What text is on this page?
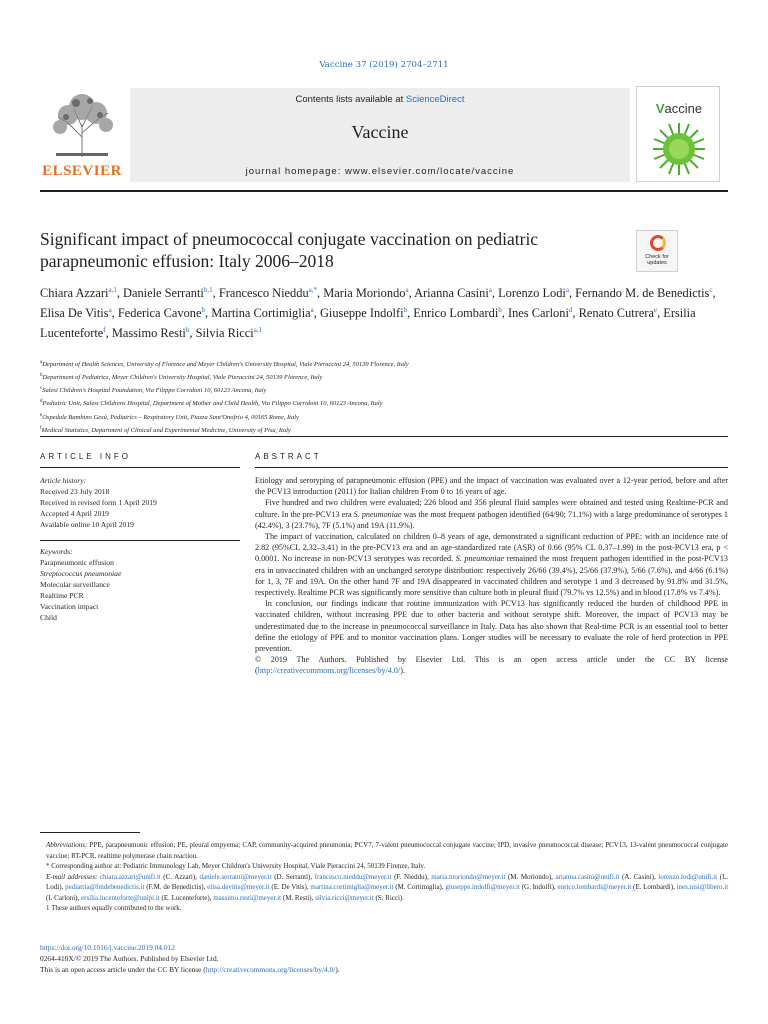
Vaccine 37 (2019) 2704–2711
ELSEVIER
Contents lists available at ScienceDirect
Vaccine
journal homepage: www.elsevier.com/locate/vaccine
Vaccine
Significant impact of pneumococcal conjugate vaccination on pediatric parapneumonic effusion: Italy 2006–2018	Check for
updates
Chiara Azzari$^{a,1}$, Daniele Serranti$^{b,1}$, Francesco Nieddu$^{a,*}$, Maria Moriondo$^a$, Arianna Casini$^a$, Lorenzo Lodi$^a$, Fernando M. de Benedictis$^c$, Elisa De Vitis$^a$, Federica Cavone$^b$, Martina Cortimiglia$^a$, Giuseppe Indolfi$^b$, Enrico Lombardi$^b$, Ines Carloni$^d$, Renato Cutrera$^e$, Ersilia Lucenteforte$^f$, Massimo Resti$^b$, Silvia Ricci$^{a,1}$
$^a$Department of Health Sciences, University of Florence and Meyer Children's University Hospital, Viale Pieraccini 24, 50139 Florence, Italy
$^b$Department of Pediatrics, Meyer Children's University Hospital, Viale Pieraccini 24, 50139 Florence, Italy
$^c$Salesi Children's Hospital Foundation, Via Filippo Corridoni 10, 60123 Ancona, Italy
$^d$Pediatric Unit, Salesi Childrens Hospital, Department of Mother and Child Health, Via Filippo Corridoni 10, 60123 Ancona, Italy
$^e$Ospedale Bambino Gesù, Pediatrics – Respiratory Unit, Piazza Sant'Onofrio 4, 00165 Rome, Italy
$^f$Medical Statistics, Department of Clinical and Experimental Medicine, University of Pisa, Italy
ARTICLE INFO	ABSTRACT
Article history:
Received 23 July 2018
Received in revised form 1 April 2019
Accepted 4 April 2019
Available online 10 April 2019
Keywords:
Parapneumonic effusion
Streptococcus pneumoniae
Molecular surveillance
Realtime PCR
Vaccination impact
Child

Etiology and serotyping of parapneumonic effusion (PPE) and the impact of vaccination was evaluated over a 12-year period, before and after the PCV13 introduction (2011) for Italian children From 0 to 16 years of age.

Five hundred and two children were evaluated; 226 blood and 356 pleural fluid samples were obtained and tested using Realtime-PCR and culture. In the pre-PCV13 era S. pneumoniae was the most frequent pathogen identified (64/90; 71.1%) with a large predominance of serotypes 1 (42.4%), 3 (23.7%), 7F (5.1%) and 19A (11.9%).

The impact of vaccination, calculated on children 0–8 years of age, demonstrated a significant reduction of PPE: with an incidence rate of 2.82 (95%CL 2.32–3.41) in the pre-PCV13 era and an age-standardized rate (ASR) of 0.66 (95% CL 0.37–1.99) in the post-PCV13 era, p < 0.0001. No increase in non-PCV13 serotypes was recorded. S. pneumoniae remained the most frequent pathogen identified in the post-PCV13 era in unvaccinated children with an unchanged serotype distribution: respectively 26/66 (39.4%), 25/66 (37.9%), 5/66 (7.6%), and 4/66 (6.1%) for 1, 3, 7F and 19A. On the other hand 7F and 19A disappeared in vaccinated children and serotype 1 and 3 decreased by 91.8% and 31.5%, respectively. Realtime PCR was significantly more sensitive than culture both in pleural fluid (79.7% vs 12.5%) and in blood (17.8% vs 7.4%).

In conclusion, our findings indicate that routine immunization with PCV13 has significantly reduced the burden of childhood PPE in vaccinated children, without increasing PPE due to other bacteria and without serotype shift. Moreover, the impact of PCV13 may be underestimated due to the increase in pneumococcal surveillance in Italy. Data has also shown that Real-time PCR is an essential tool to better define the etiology of PPE and to monitor vaccination plans. Longer studies will be necessary to evaluate the role of herd protection in PPE prevention.

© 2019 The Authors. Published by Elsevier Ltd. This is an open access article under the CC BY license (http://creativecommons.org/licenses/by/4.0/).

Abbreviations: PPE, parapneumonic effusion; PE, pleural empyema; CAP, community-acquired pneumonia; PCV7, 7-valent pneumococcal conjugate vaccine; IPD, invasive pneumococcal disease; PCV13, 13-valent pneumococcal conjugate vaccine; RT-PCR, realtime polymerase chain reaction.
* Corresponding author at: Pediatric Immunology Lab, Meyer Children's University Hospital, Viale Pieraccini 24, 50139 Firenze, Italy.
E-mail addresses: chiara.azzari@unifi.it (C. Azzari), daniele.serranti@meyer.it (D. Serranti), francesco.nieddu@meyer.it (F. Nieddu), maria.moriondo@meyer.it (M. Moriondo), arianna.casini@unifi.it (A. Casini), lorenzo.lodi@unifi.it (L. Lodi), pediatria@fmdebenedictis.it (F.M. de Benedictis), elisa.devitis@meyer.it (E. De Vitis), martina.cortimiglia@meyer.it (M. Cortimiglia), giuseppe.indolfi@meyer.it (G. Indolfi), enrico.lombardi@meyer.it (E. Lombardi), ines.nisi@libero.it (I. Carloni), ersilia.lucenteforte@unipi.it (E. Lucenteforte), massimo.resti@meyer.it (M. Resti), silvia.ricci@meyer.it (S. Ricci).
1 These authors equally contributed to the work.
https://doi.org/10.1016/j.vaccine.2019.04.012
0264-410X/© 2019 The Authors. Published by Elsevier Ltd.
This is an open access article under the CC BY license (http://creativecommons.org/licenses/by/4.0/).
